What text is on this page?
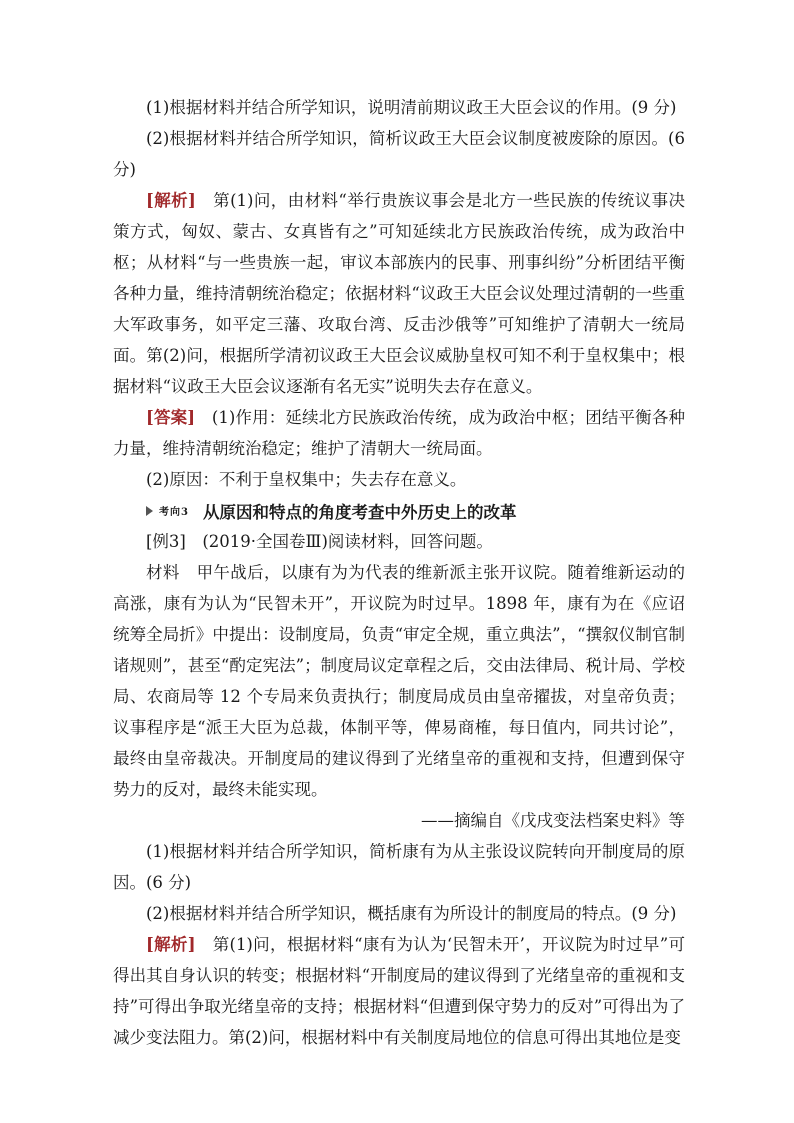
(1)根据材料并结合所学知识，说明清前期议政王大臣会议的作用。(9 分)

(2)根据材料并结合所学知识，简析议政王大臣会议制度被废除的原因。(6 分)

[解析]　第(1)问，由材料“举行贵族议事会是北方一些民族的传统议事决策方式，匈奴、蒙古、女真皆有之”可知延续北方民族政治传统，成为政治中枢；从材料“与一些贵族一起，审议本部族内的民事、刑事纠纷”分析团结平衡各种力量，维持清朝统治稳定；依据材料“议政王大臣会议处理过清朝的一些重大军政事务，如平定三藩、攻取台湾、反击沙俄等”可知维护了清朝大一统局面。第(2)问，根据所学清初议政王大臣会议威胁皇权可知不利于皇权集中；根据材料“议政王大臣会议逐渐有名无实”说明失去存在意义。

[答案]　(1)作用：延续北方民族政治传统，成为政治中枢；团结平衡各种力量，维持清朝统治稳定；维护了清朝大一统局面。

(2)原因：不利于皇权集中；失去存在意义。

考向3 从原因和特点的角度考查中外历史上的改革

[例3]　(2019·全国卷Ⅲ)阅读材料，回答问题。

材料　甲午战后，以康有为为代表的维新派主张开议院。随着维新运动的高涨，康有为认为“民智未开”，开议院为时过早。1898 年，康有为在《应诏统筹全局折》中提出：设制度局，负责“审定全规，重立典法”，“撰叙仪制官制诸规则”，甚至“酌定宪法”；制度局议定章程之后，交由法律局、税计局、学校局、农商局等 12 个专局来负责执行；制度局成员由皇帝擢拔，对皇帝负责；议事程序是“派王大臣为总裁，体制平等，俾易商榷，每日值内，同共讨论”，最终由皇帝裁决。开制度局的建议得到了光绪皇帝的重视和支持，但遭到保守势力的反对，最终未能实现。

——摘编自《戊戌变法档案史料》等

(1)根据材料并结合所学知识，简析康有为从主张设议院转向开制度局的原因。(6 分)

(2)根据材料并结合所学知识，概括康有为所设计的制度局的特点。(9 分)

[解析]　第(1)问，根据材料“康有为认为‘民智未开’，开议院为时过早”可得出其自身认识的转变；根据材料“开制度局的建议得到了光绪皇帝的重视和支持”可得出争取光绪皇帝的支持；根据材料“但遭到保守势力的反对”可得出为了减少变法阻力。第(2)问，根据材料中有关制度局地位的信息可得出其地位是变
